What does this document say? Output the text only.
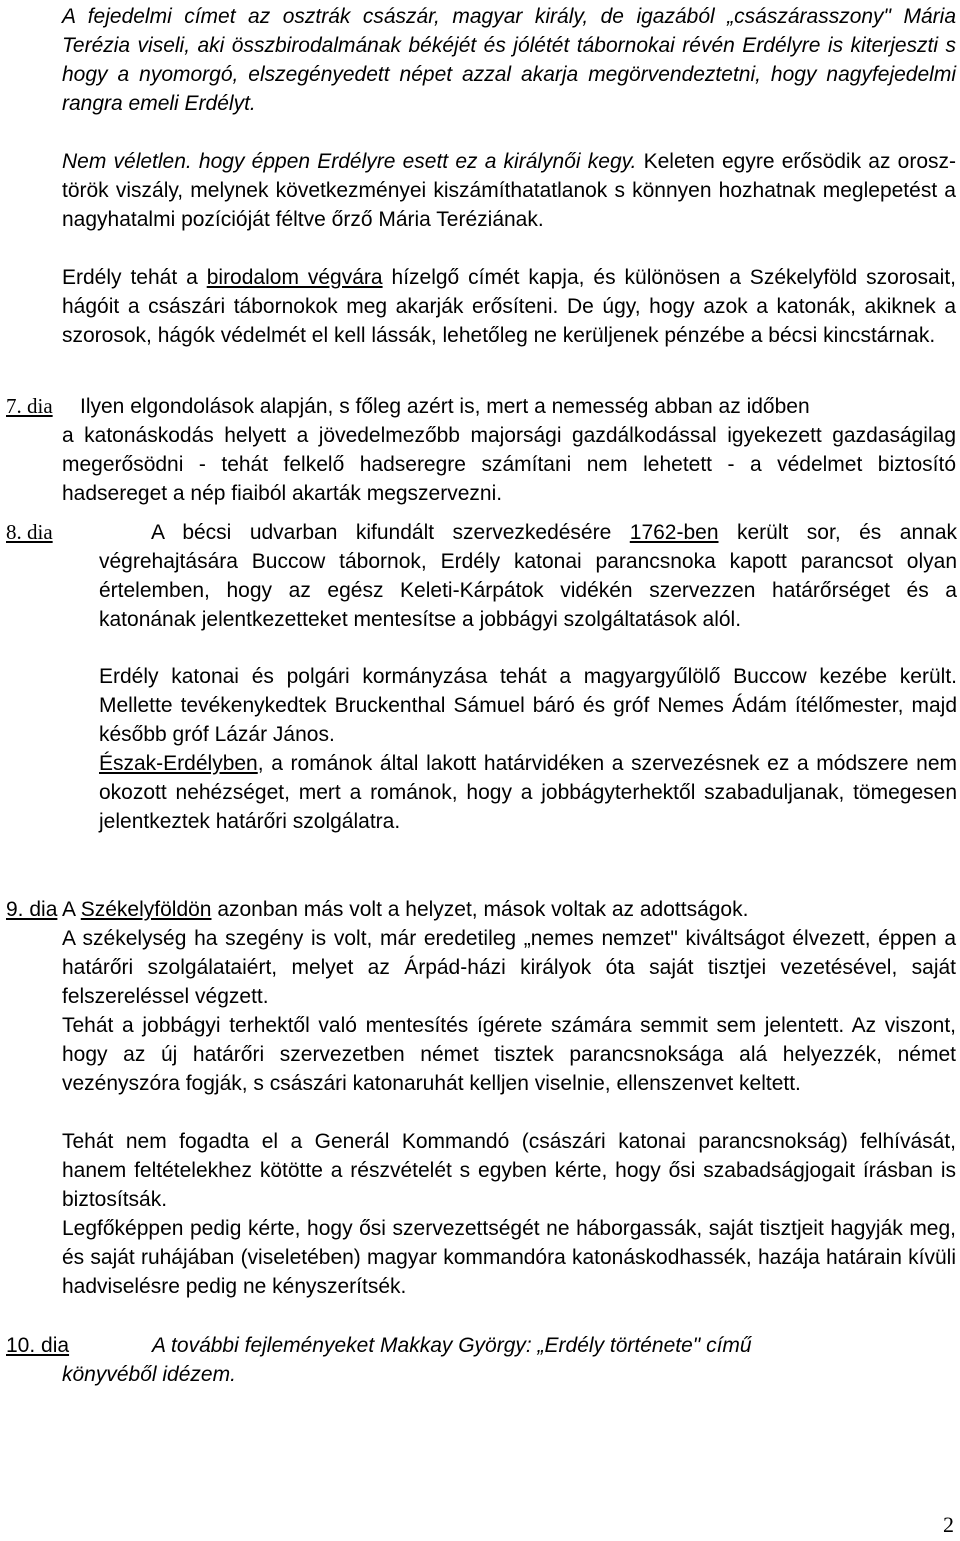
A fejedelmi címet az osztrák császár, magyar király, de igazából „császárasszony" Mária Terézia viseli, aki összbirodalmának békéjét és jólétét tábornokai révén Erdélyre is kiterjeszti s hogy a nyomorgó, elszegényedett népet azzal akarja megörvendeztetni, hogy nagyfejedelmi rangra emeli Erdélyt.

Nem véletlen. hogy éppen Erdélyre esett ez a királynői kegy. Keleten egyre erősödik az orosz-török viszály, melynek következményei kiszámíthatatlanok s könnyen hozhatnak meglepetést a nagyhatalmi pozícióját féltve őrző Mária Teréziának.

Erdély tehát a birodalom végvára hízelgő címét kapja, és különösen a Székelyföld szorosait, hágóit a császári tábornokok meg akarják erősíteni. De úgy, hogy azok a katonák, akiknek a szorosok, hágók védelmét el kell lássák, lehetőleg ne kerüljenek pénzébe a bécsi kincstárnak.

7. dia Ilyen elgondolások alapján, s főleg azért is, mert a nemesség abban az időben

a katonáskodás helyett a jövedelmezőbb majorsági gazdálkodással igyekezett gazdaságilag megerősödni - tehát felkelő hadseregre számítani nem lehetett - a védelmet biztosító hadsereget a nép fiaiból akarták megszervezni.

8. dia	A bécsi udvarban kifundált szervezkedésére 1762-ben került sor, és annak végrehajtására Buccow tábornok, Erdély katonai parancsnoka kapott parancsot olyan értelemben, hogy az egész Keleti-Kárpátok vidékén szervezzen határőrséget és a katonának jelentkezetteket mentesítse a jobbágyi szolgáltatások alól.

Erdély katonai és polgári kormányzása tehát a magyargyűlölő Buccow kezébe került. Mellette tevékenykedtek Bruckenthal Sámuel báró és gróf Nemes Ádám ítélőmester, majd később gróf Lázár János.

Észak-Erdélyben, a románok által lakott határvidéken a szervezésnek ez a módszere nem okozott nehézséget, mert a románok, hogy a jobbágyterhektől szabaduljanak, tömegesen jelentkeztek határőri szolgálatra.

9. dia A Székelyföldön azonban más volt a helyzet, mások voltak az adottságok.

A székelység ha szegény is volt, már eredetileg „nemes nemzet" kiváltságot élvezett, éppen a határőri szolgálataiért, melyet az Árpád-házi királyok óta saját tisztjei vezetésével, saját felszereléssel végzett.

Tehát a jobbágyi terhektől való mentesítés ígérete számára semmit sem jelentett. Az viszont, hogy az új határőri szervezetben német tisztek parancsnoksága alá helyezzék, német vezényszóra fogják, s császári katonaruhát kelljen viselnie, ellenszenvet keltett.

Tehát nem fogadta el a Generál Kommandó (császári katonai parancsnokság) felhívását, hanem feltételekhez kötötte a részvételét s egyben kérte, hogy ősi szabadságjogait írásban is biztosítsák.

Legfőképpen pedig kérte, hogy ősi szervezettségét ne háborgassák, saját tisztjeit hagyják meg, és saját ruhájában (viseletében) magyar kommandóra katonáskodhassék, hazája határain kívüli hadviselésre pedig ne kényszerítsék.

10. dia	A további fejleményeket Makkay György: „Erdély története" című

könyvéből idézem.

2
